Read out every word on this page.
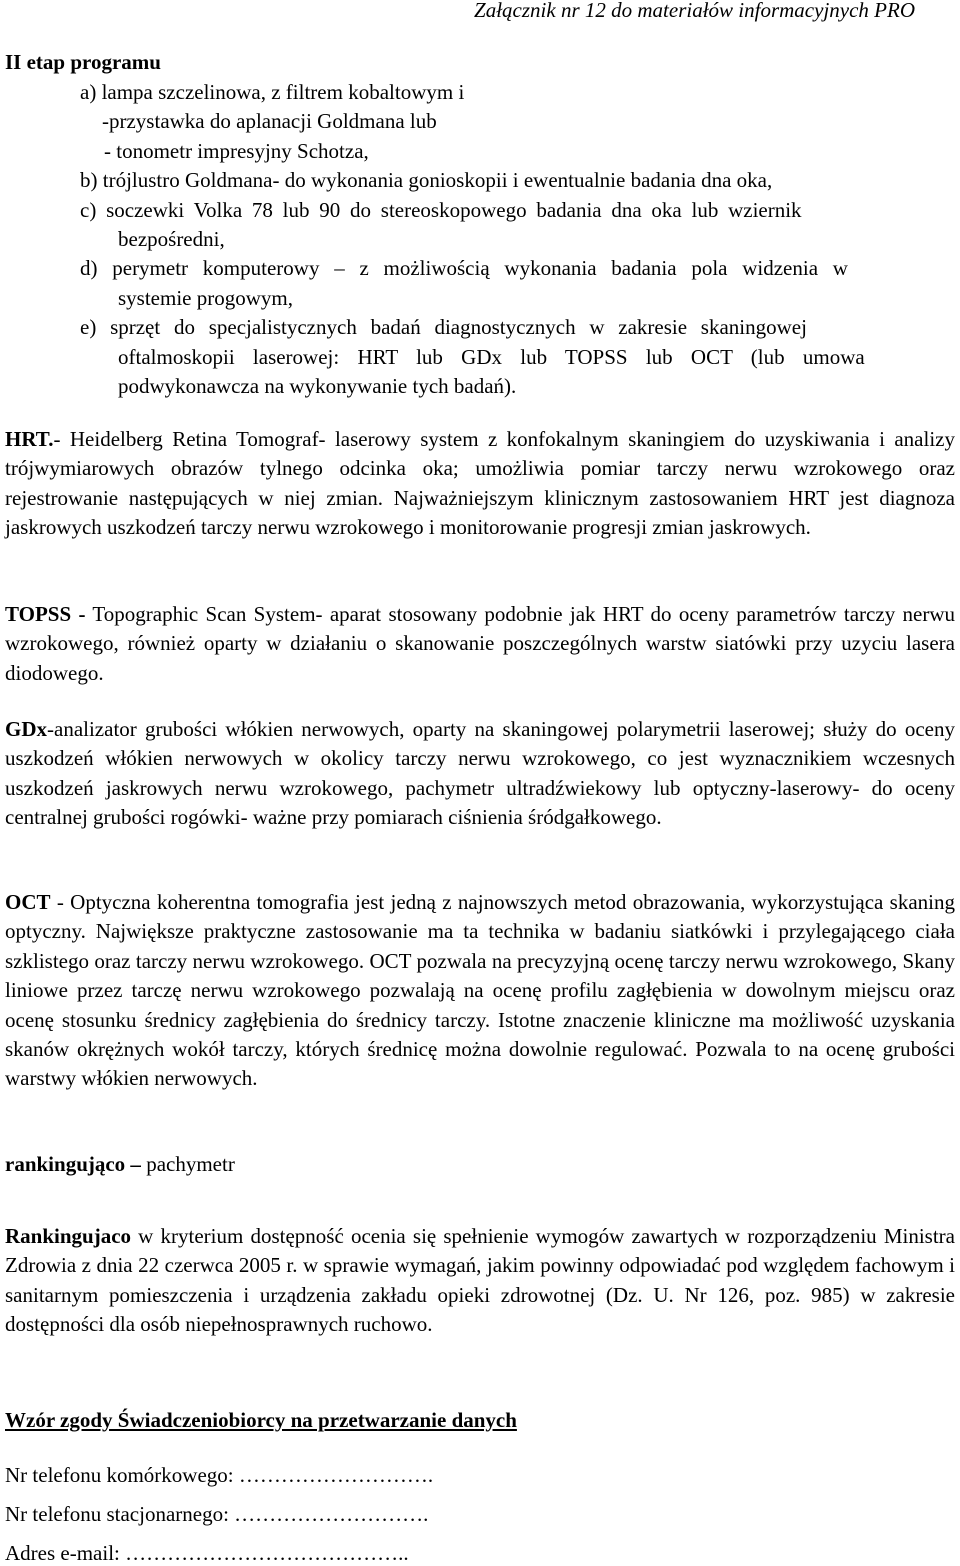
Załącznik nr 12 do materiałów informacyjnych PRO
II etap programu
a) lampa szczelinowa, z filtrem kobaltowym i
-przystawka do aplanacji Goldmana lub
- tonometr impresyjny Schotza,
b) trójlustro Goldmana- do wykonania gonioskopii i ewentualnie badania dna oka,
c) soczewki Volka 78 lub 90 do stereoskopowego badania dna oka lub wziernik
bezpośredni,
d) perymetr komputerowy – z możliwością wykonania badania pola widzenia w
systemie progowym,
e) sprzęt do specjalistycznych badań diagnostycznych w zakresie skaningowej
oftalmoskopii laserowej: HRT lub GDx lub TOPSS lub OCT (lub umowa
podwykonawcza na wykonywanie tych badań).
HRT.- Heidelberg Retina Tomograf- laserowy system z konfokalnym skaningiem do uzyskiwania i analizy trójwymiarowych obrazów tylnego odcinka oka; umożliwia pomiar tarczy nerwu wzrokowego oraz rejestrowanie następujących w niej zmian. Najważniejszym klinicznym zastosowaniem HRT jest diagnoza jaskrowych uszkodzeń tarczy nerwu wzrokowego i monitorowanie progresji zmian jaskrowych.
TOPSS - Topographic Scan System- aparat stosowany podobnie jak HRT do oceny parametrów tarczy nerwu wzrokowego, również oparty w działaniu o skanowanie poszczególnych warstw siatówki przy uzyciu lasera diodowego.
GDx-analizator grubości włókien nerwowych, oparty na skaningowej polarymetrii laserowej; służy do oceny uszkodzeń włókien nerwowych w okolicy tarczy nerwu wzrokowego, co jest wyznacznikiem wczesnych uszkodzeń jaskrowych nerwu wzrokowego, pachymetr ultradźwiekowy lub optyczny-laserowy- do oceny centralnej grubości rogówki- ważne przy pomiarach ciśnienia śródgałkowego.
OCT - Optyczna koherentna tomografia jest jedną z najnowszych metod obrazowania, wykorzystująca skaning optyczny. Największe praktyczne zastosowanie ma ta technika w badaniu siatkówki i przylegającego ciała szklistego oraz tarczy nerwu wzrokowego. OCT pozwala na precyzyjną ocenę tarczy nerwu wzrokowego, Skany liniowe przez tarczę nerwu wzrokowego pozwalają na ocenę profilu zagłębienia w dowolnym miejscu oraz ocenę stosunku średnicy zagłębienia do średnicy tarczy. Istotne znaczenie kliniczne ma możliwość uzyskania skanów okrężnych wokół tarczy, których średnicę można dowolnie regulować. Pozwala to na ocenę grubości warstwy włókien nerwowych.
rankingująco – pachymetr
Rankingujaco w kryterium dostępność ocenia się spełnienie wymogów zawartych w rozporządzeniu Ministra Zdrowia z dnia 22 czerwca 2005 r. w sprawie wymagań, jakim powinny odpowiadać pod względem fachowym i sanitarnym pomieszczenia i urządzenia zakładu opieki zdrowotnej (Dz. U. Nr 126, poz. 985) w zakresie dostępności dla osób niepełnosprawnych ruchowo.
Wzór zgody Świadczeniobiorcy na przetwarzanie danych
Nr telefonu komórkowego: ……………………….
Nr telefonu stacjonarnego: ……………………….
Adres e-mail: …………………………………..
